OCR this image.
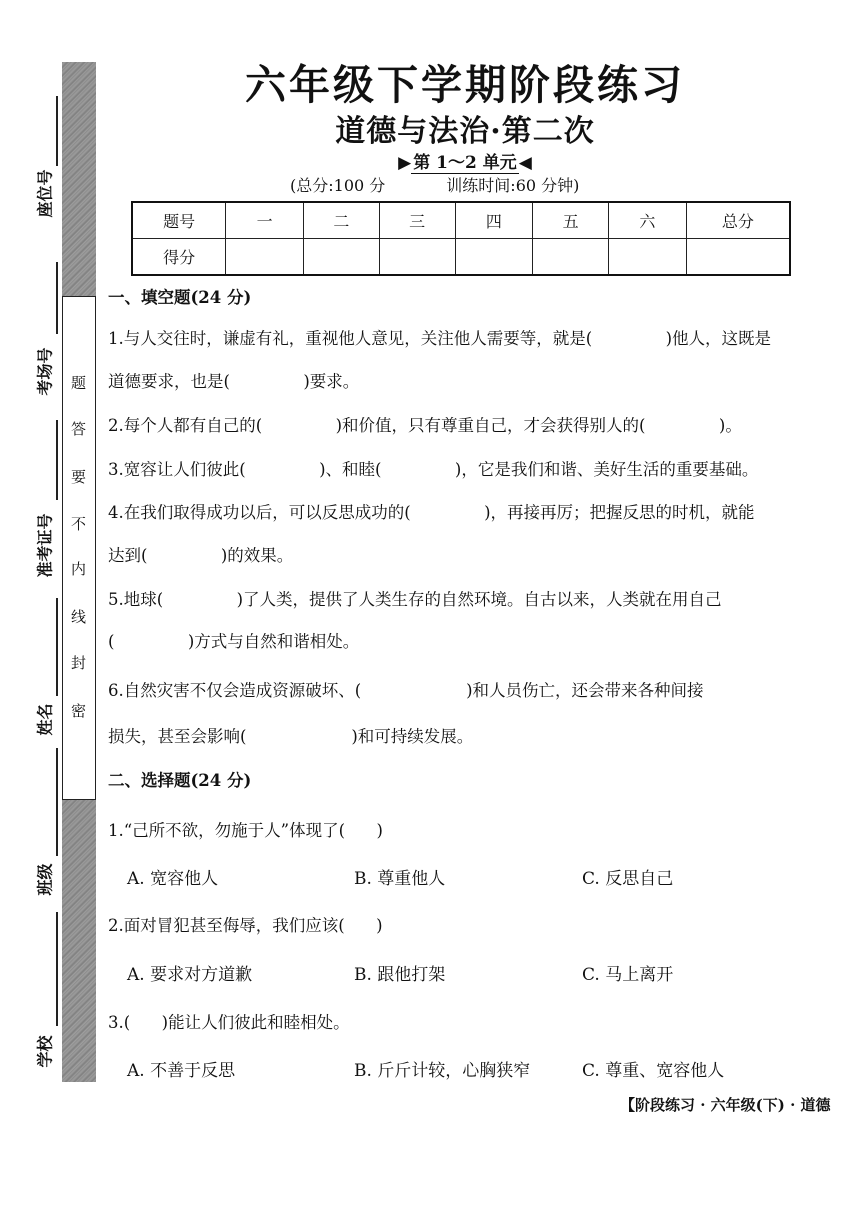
题
答
要
不
内
线
封
密
座位号
考场号
准考证号
姓名
班级
学校
六年级下学期阶段练习
道德与法治·第二次
▶ 第 1～2 单元 ◀
(总分:100 分	训练时间:60 分钟)
题号	一	二	三	四	五	六	总分
得分							
一、填空题(24 分)
1.与人交往时，谦虚有礼，重视他人意见，关注他人需要等，就是(              )他人，这既是
道德要求，也是(              )要求。
2.每个人都有自己的(              )和价值，只有尊重自己，才会获得别人的(              )。
3.宽容让人们彼此(              )、和睦(              )，它是我们和谐、美好生活的重要基础。
4.在我们取得成功以后，可以反思成功的(              )，再接再厉；把握反思的时机，就能
达到(              )的效果。
5.地球(              )了人类，提供了人类生存的自然环境。自古以来，人类就在用自己
(              )方式与自然和谐相处。
6.自然灾害不仅会造成资源破坏、(                    )和人员伤亡，还会带来各种间接
损失，甚至会影响(                    )和可持续发展。
二、选择题(24 分)
1.“己所不欲，勿施于人”体现了(      )
A. 宽容他人	B. 尊重他人	C. 反思自己
2.面对冒犯甚至侮辱，我们应该(      )
A. 要求对方道歉	B. 跟他打架	C. 马上离开
3.(      )能让人们彼此和睦相处。
A. 不善于反思	B. 斤斤计较，心胸狭窄	C. 尊重、宽容他人
【阶段练习 · 六年级(下) · 道德
